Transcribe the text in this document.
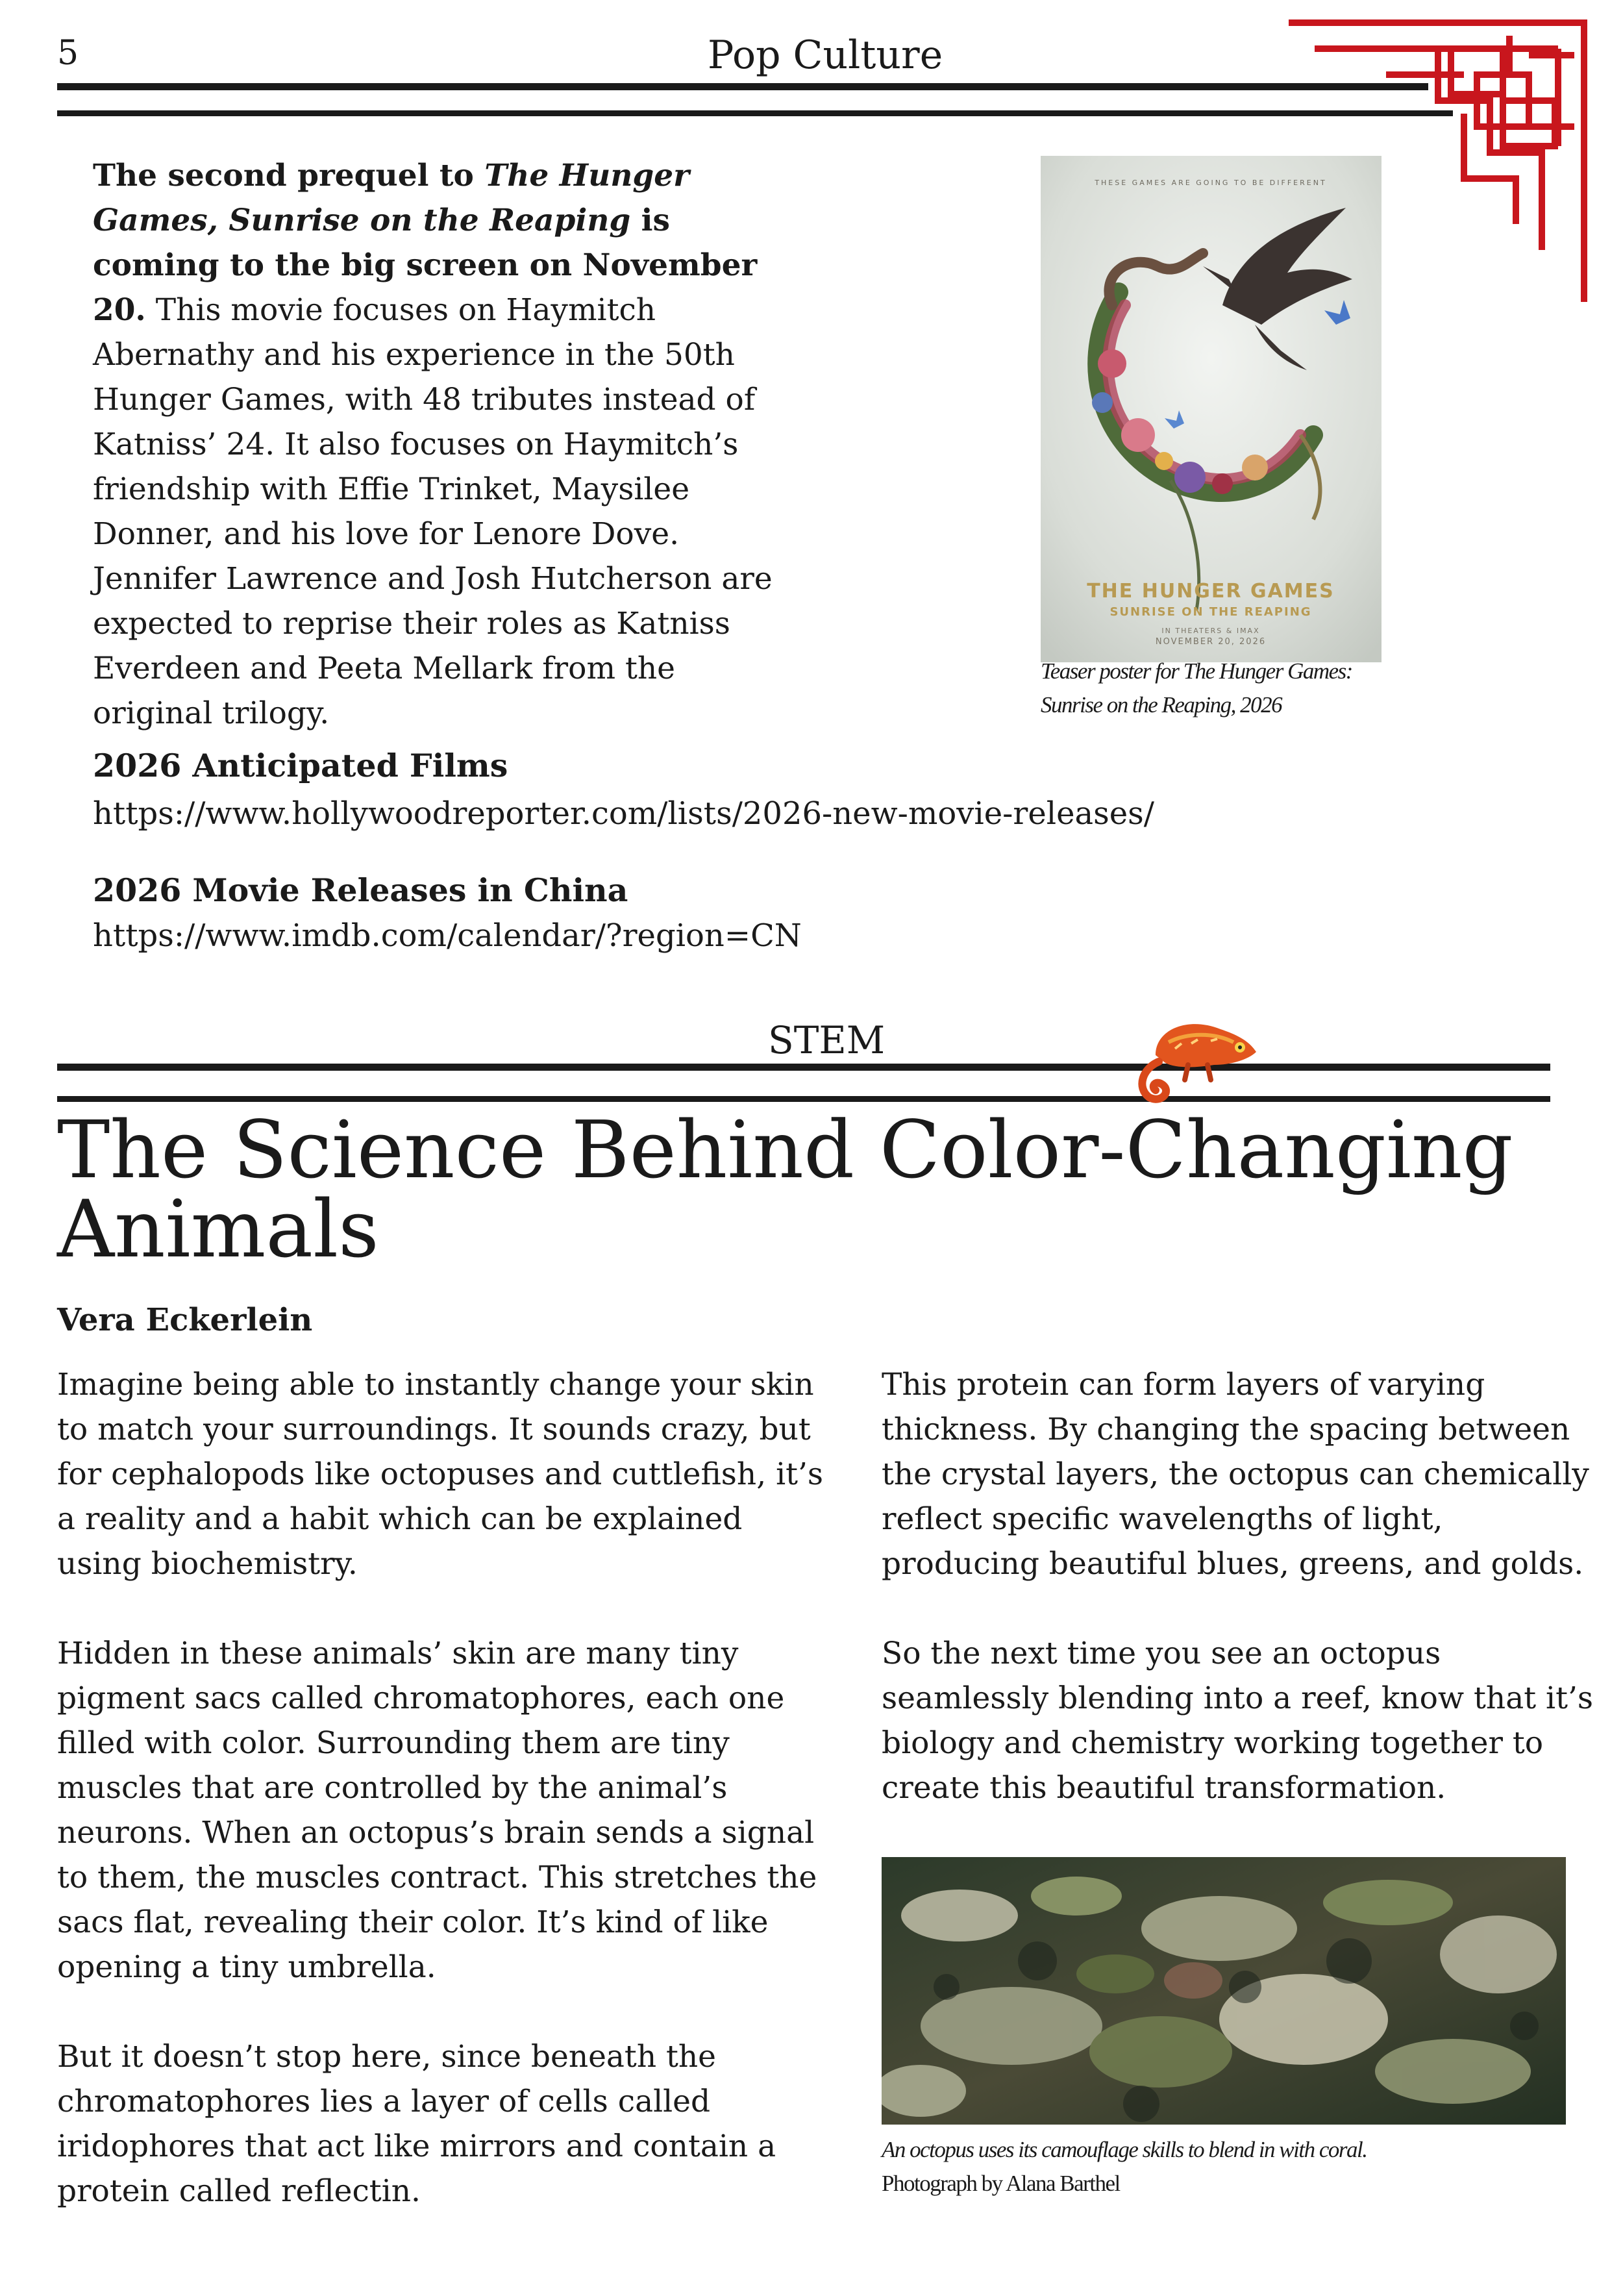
5	Pop Culture
The second prequel to The Hunger Games, Sunrise on the Reaping is coming to the big screen on November 20. This movie focuses on Haymitch Abernathy and his experience in the 50th Hunger Games, with 48 tributes instead of Katniss’ 24. It also focuses on Haymitch’s friendship with Effie Trinket, Maysilee Donner, and his love for Lenore Dove. Jennifer Lawrence and Josh Hutcherson are expected to reprise their roles as Katniss Everdeen and Peeta Mellark from the original trilogy.
THESE GAMES ARE GOING TO BE DIFFERENT
THE HUNGER GAMES
SUNRISE ON THE REAPING
IN THEATERS & IMAX
NOVEMBER 20, 2026
Teaser poster for The Hunger Games: Sunrise on the Reaping, 2026
2026 Anticipated Films
https://www.hollywoodreporter.com/lists/2026-new-movie-releases/
2026 Movie Releases in China
https://www.imdb.com/calendar/?region=CN
STEM
The Science Behind Color-Changing
Animals
Vera Eckerlein

Imagine being able to instantly change your skin to match your surroundings. It sounds crazy, but for cephalopods like octopuses and cuttlefish, it’s a reality and a habit which can be explained using biochemistry.

Hidden in these animals’ skin are many tiny pigment sacs called chromatophores, each one filled with color. Surrounding them are tiny muscles that are controlled by the animal’s neurons. When an octopus’s brain sends a signal to them, the muscles contract. This stretches the sacs flat, revealing their color. It’s kind of like opening a tiny umbrella.

But it doesn’t stop here, since beneath the chromatophores lies a layer of cells called iridophores that act like mirrors and contain a protein called reflectin.

This protein can form layers of varying thickness. By changing the spacing between the crystal layers, the octopus can chemically reflect specific wavelengths of light, producing beautiful blues, greens, and golds.

So the next time you see an octopus seamlessly blending into a reef, know that it’s biology and chemistry working together to create this beautiful transformation.

An octopus uses its camouflage skills to blend in with coral.
Photograph by Alana Barthel
